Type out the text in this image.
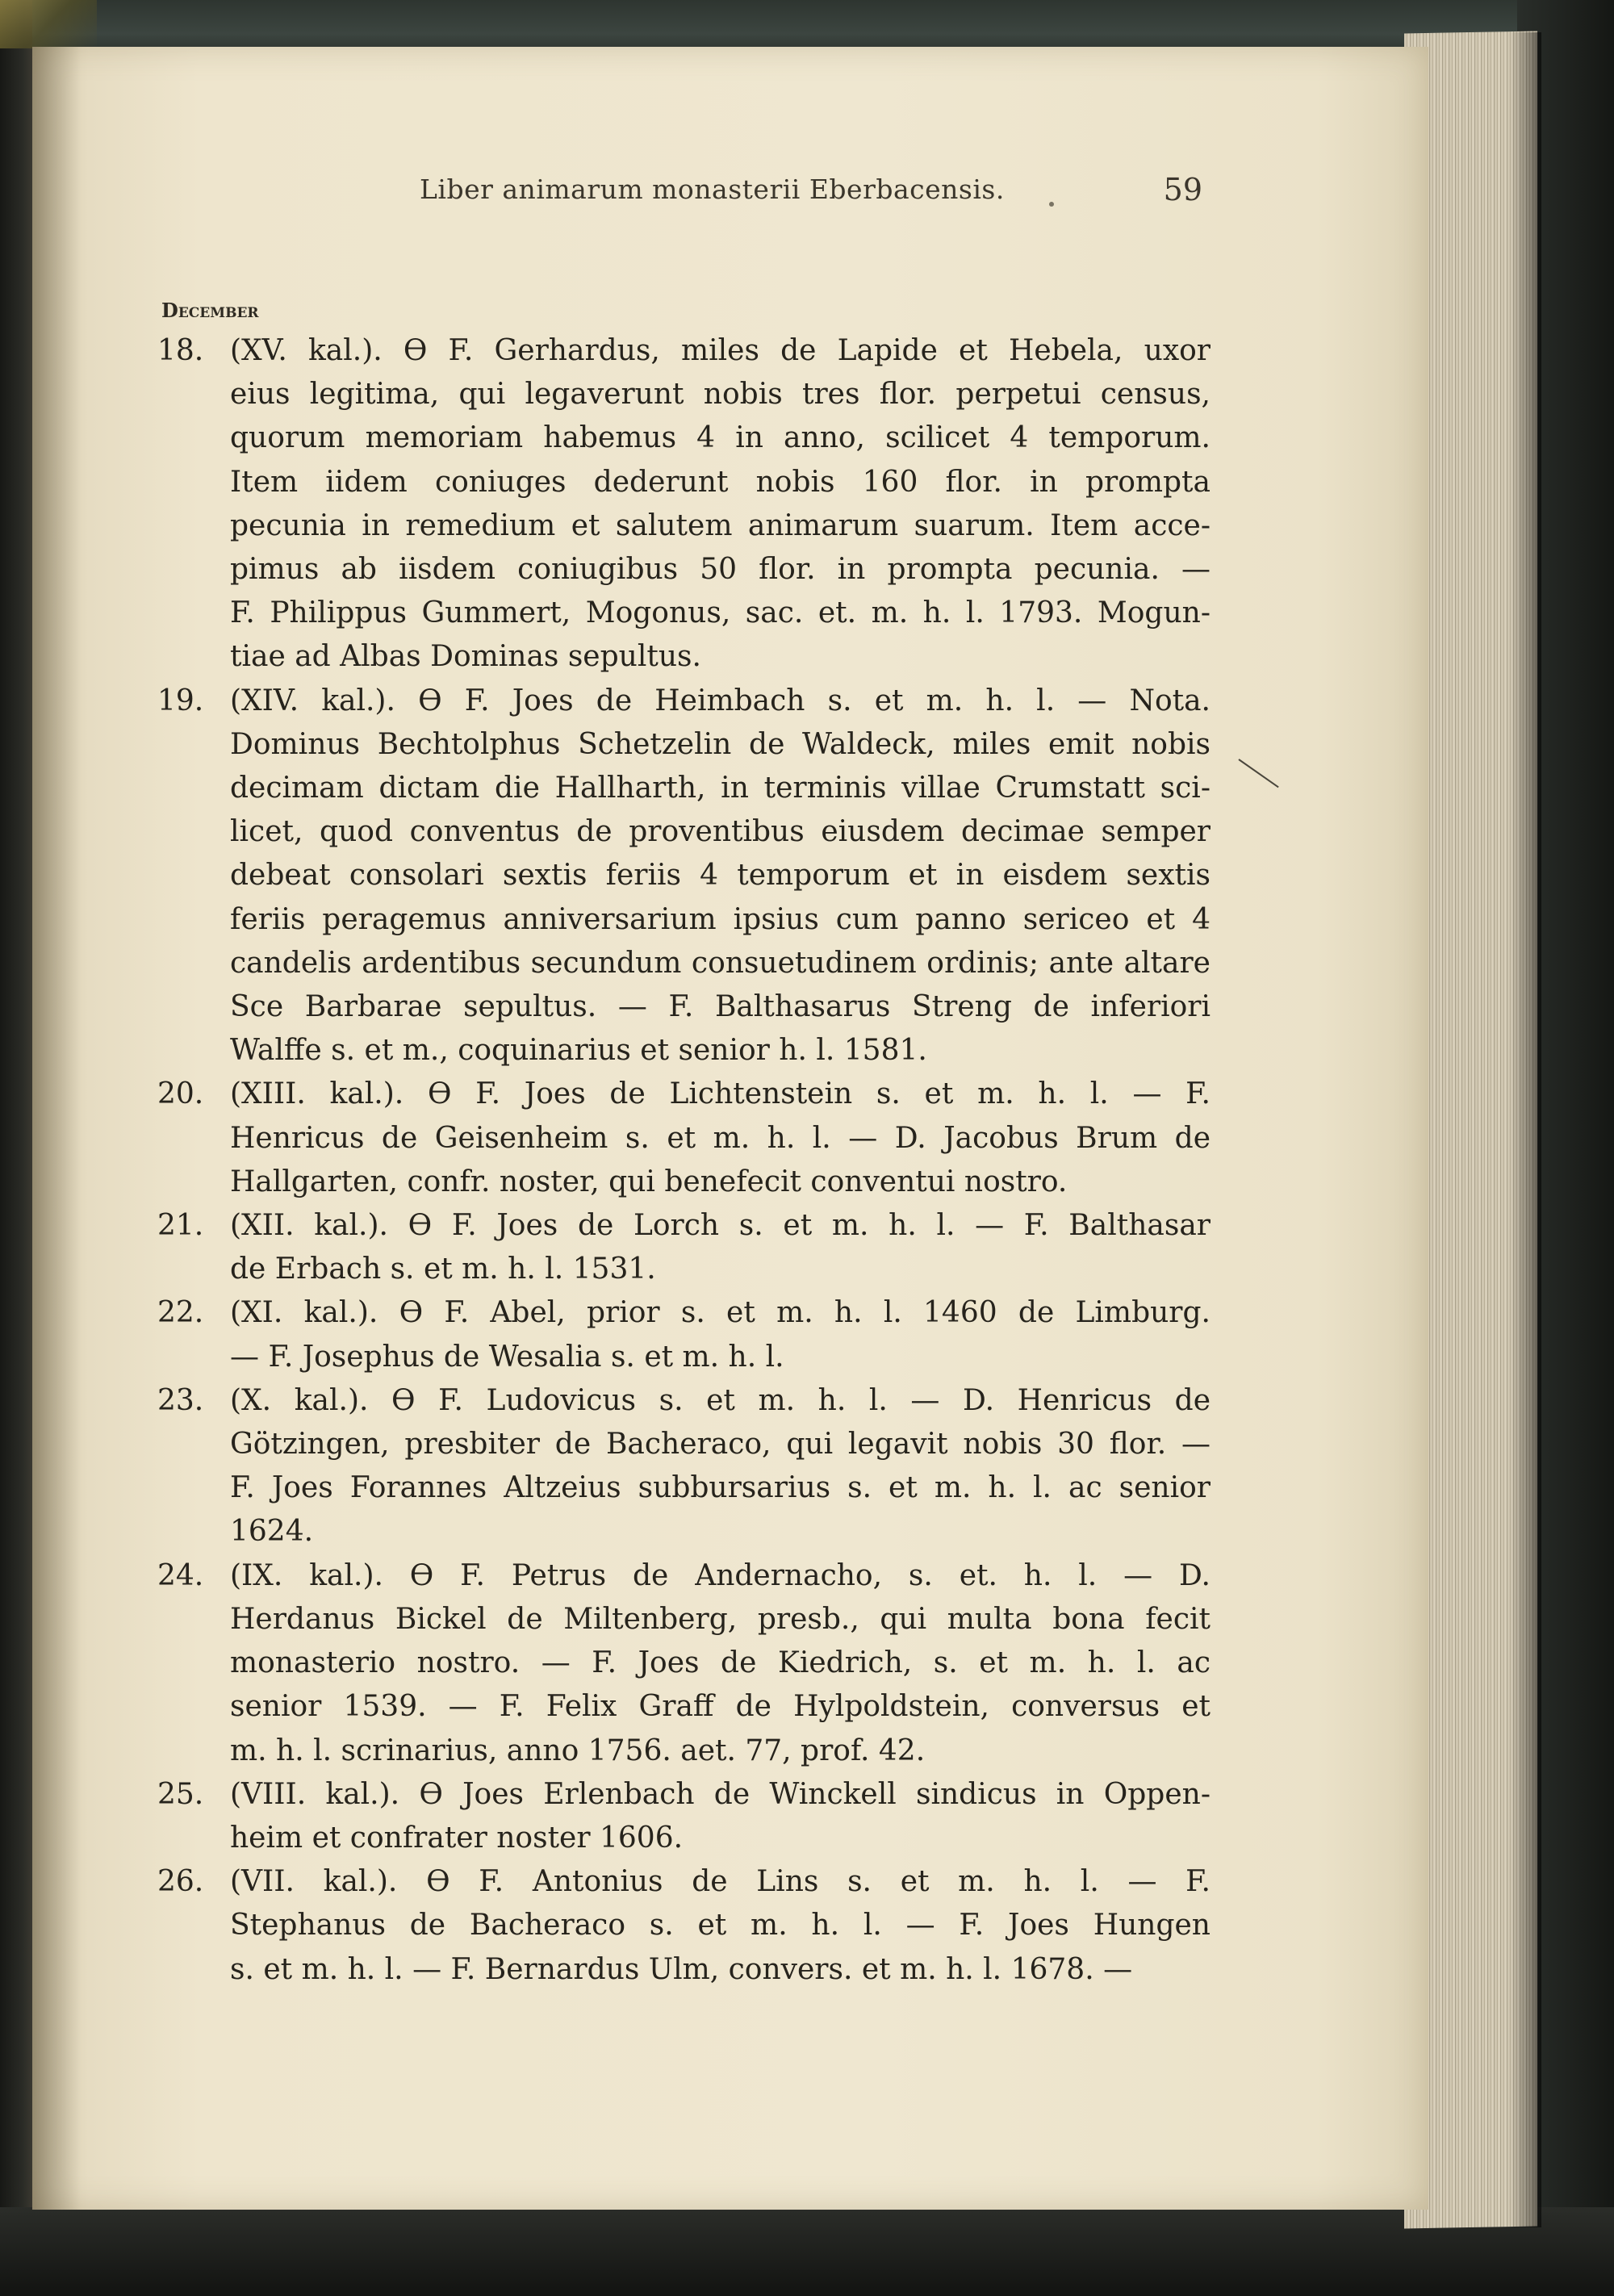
Liber animarum monasterii Eberbacensis.	59
December
18. (XV. kal.). ϴ F. Gerhardus, miles de Lapide et Hebela, uxor
eius legitima, qui legaverunt nobis tres flor. perpetui census,
quorum memoriam habemus 4 in anno, scilicet 4 temporum.
Item iidem coniuges dederunt nobis 160 flor. in prompta
pecunia in remedium et salutem animarum suarum. Item acce-
pimus ab iisdem coniugibus 50 flor. in prompta pecunia. —
F. Philippus Gummert, Mogonus, sac. et. m. h. l. 1793. Mogun-
tiae ad Albas Dominas sepultus.
19. (XIV. kal.). ϴ F. Joes de Heimbach s. et m. h. l. — Nota.
Dominus Bechtolphus Schetzelin de Waldeck, miles emit nobis
decimam dictam die Hallharth, in terminis villae Crumstatt sci-
licet, quod conventus de proventibus eiusdem decimae semper
debeat consolari sextis feriis 4 temporum et in eisdem sextis
feriis peragemus anniversarium ipsius cum panno sericeo et 4
candelis ardentibus secundum consuetudinem ordinis; ante altare
Sce Barbarae sepultus. — F. Balthasarus Streng de inferiori
Walffe s. et m., coquinarius et senior h. l. 1581.
20. (XIII. kal.). ϴ F. Joes de Lichtenstein s. et m. h. l. — F.
Henricus de Geisenheim s. et m. h. l. — D. Jacobus Brum de
Hallgarten, confr. noster, qui benefecit conventui nostro.
21. (XII. kal.). ϴ F. Joes de Lorch s. et m. h. l. — F. Balthasar
de Erbach s. et m. h. l. 1531.
22. (XI. kal.). ϴ F. Abel, prior s. et m. h. l. 1460 de Limburg.
— F. Josephus de Wesalia s. et m. h. l.
23. (X. kal.). ϴ F. Ludovicus s. et m. h. l. — D. Henricus de
Götzingen, presbiter de Bacheraco, qui legavit nobis 30 flor. —
F. Joes Forannes Altzeius subbursarius s. et m. h. l. ac senior
1624.
24. (IX. kal.). ϴ F. Petrus de Andernacho, s. et. h. l. — D.
Herdanus Bickel de Miltenberg, presb., qui multa bona fecit
monasterio nostro. — F. Joes de Kiedrich, s. et m. h. l. ac
senior 1539. — F. Felix Graff de Hylpoldstein, conversus et
m. h. l. scrinarius, anno 1756. aet. 77, prof. 42.
25. (VIII. kal.). ϴ Joes Erlenbach de Winckell sindicus in Oppen-
heim et confrater noster 1606.
26. (VII. kal.). ϴ F. Antonius de Lins s. et m. h. l. — F.
Stephanus de Bacheraco s. et m. h. l. — F. Joes Hungen
s. et m. h. l. — F. Bernardus Ulm, convers. et m. h. l. 1678. —
